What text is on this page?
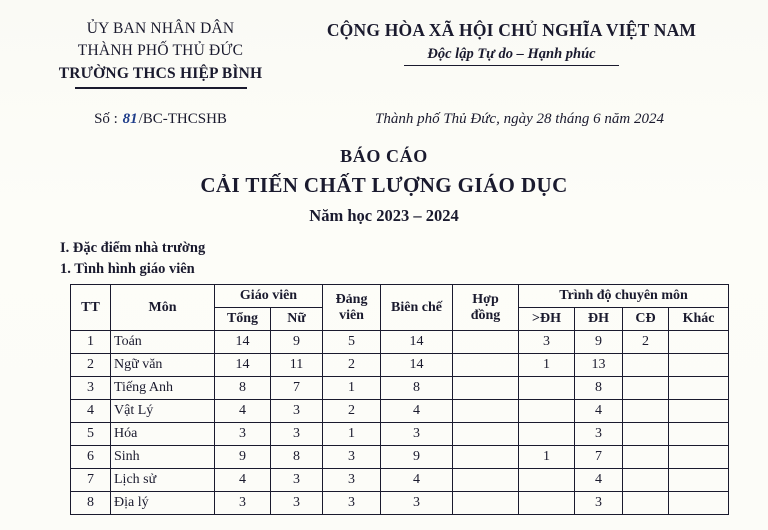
ỦY BAN NHÂN DÂN
THÀNH PHỐ THỦ ĐỨC
TRƯỜNG THCS HIỆP BÌNH
CỘNG HÒA XÃ HỘI CHỦ NGHĨA VIỆT NAM
Độc lập Tự do – Hạnh phúc
Số : 81/BC-THCSHB	Thành phố Thủ Đức, ngày 28 tháng 6 năm 2024
BÁO CÁO
CẢI TIẾN CHẤT LƯỢNG GIÁO DỤC
Năm học 2023 – 2024
I. Đặc điểm nhà trường
1. Tình hình giáo viên
TT	Môn	Giáo viên		Đảng viên	Biên chế	Hợp đồng	Trình độ chuyên môn			
		Tổng	Nữ				>ĐH	ĐH	CĐ	Khác
1	Toán	14	9	5	14		3	9	2	
2	Ngữ văn	14	11	2	14		1	13		
3	Tiếng Anh	8	7	1	8			8		
4	Vật Lý	4	3	2	4			4		
5	Hóa	3	3	1	3			3		
6	Sinh	9	8	3	9		1	7		
7	Lịch sử	4	3	3	4			4		
8	Địa lý	3	3	3	3			3		
